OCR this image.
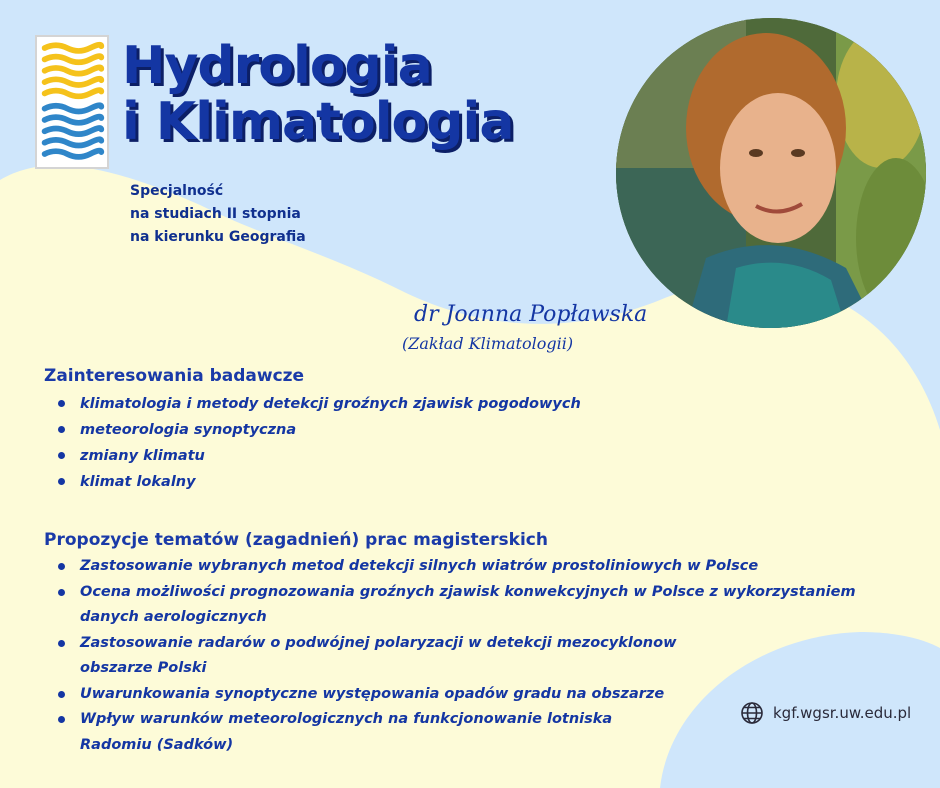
Hydrologia
i Klimatologia
Specjalność
na studiach II stopnia
na kierunku Geografia
dr Joanna Popławska
(Zakład Klimatologii)
Zainteresowania badawcze
klimatologia i metody detekcji groźnych zjawisk pogodowych
meteorologia synoptyczna
zmiany klimatu
klimat lokalny
Propozycje tematów (zagadnień) prac magisterskich
Zastosowanie wybranych metod detekcji silnych wiatrów prostoliniowych w Polsce
Ocena możliwości prognozowania groźnych zjawisk konwekcyjnych w Polsce z wykorzystaniem
danych aerologicznych
Zastosowanie radarów o podwójnej polaryzacji w detekcji mezocyklonow
obszarze Polski
Uwarunkowania synoptyczne występowania opadów gradu na obszarze
Wpływ warunków meteorologicznych na funkcjonowanie lotniska
Radomiu (Sadków)
kgf.wgsr.uw.edu.pl
